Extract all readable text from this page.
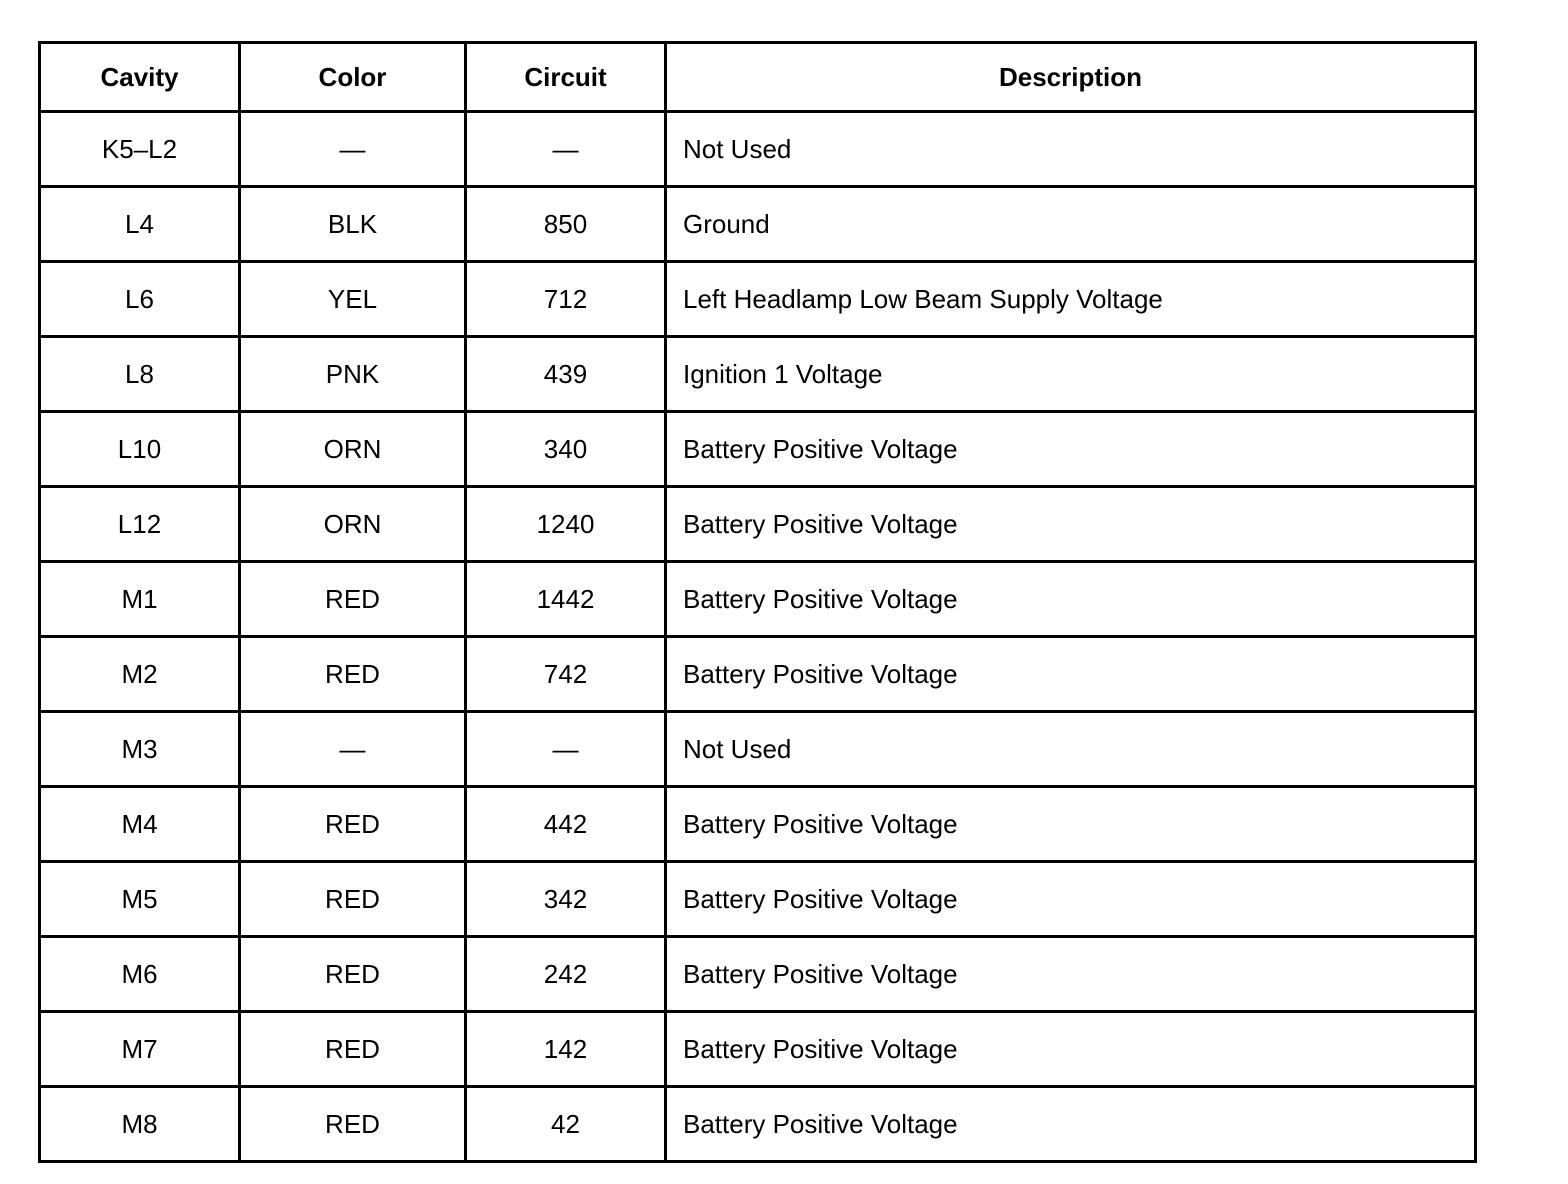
Cavity	Color	Circuit	Description
K5–L2	—	—	Not Used
L4	BLK	850	Ground
L6	YEL	712	Left Headlamp Low Beam Supply Voltage
L8	PNK	439	Ignition 1 Voltage
L10	ORN	340	Battery Positive Voltage
L12	ORN	1240	Battery Positive Voltage
M1	RED	1442	Battery Positive Voltage
M2	RED	742	Battery Positive Voltage
M3	—	—	Not Used
M4	RED	442	Battery Positive Voltage
M5	RED	342	Battery Positive Voltage
M6	RED	242	Battery Positive Voltage
M7	RED	142	Battery Positive Voltage
M8	RED	42	Battery Positive Voltage
